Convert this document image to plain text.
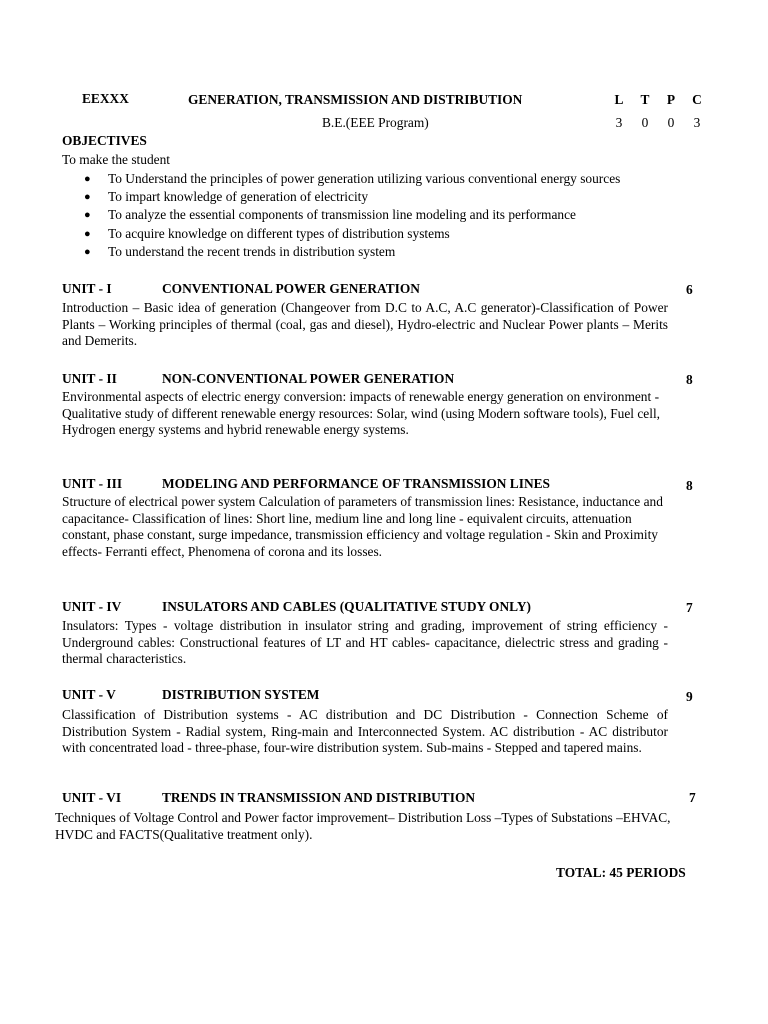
EEXXX	GENERATION, TRANSMISSION AND DISTRIBUTION	L T P C
B.E.(EEE Program)	3 0 0 3
OBJECTIVES
To make the student
● To Understand the principles of power generation utilizing various conventional energy sources
● To impart knowledge of generation of electricity
● To analyze the essential components of transmission line modeling and its performance
● To acquire knowledge on different types of distribution systems
● To understand the recent trends in distribution system
UNIT - I	CONVENTIONAL POWER GENERATION	6
Introduction – Basic idea of generation (Changeover from D.C to A.C, A.C generator)-Classification of Power Plants – Working principles of thermal (coal, gas and diesel), Hydro-electric and Nuclear Power plants – Merits and Demerits.
UNIT - II	NON-CONVENTIONAL POWER GENERATION	8
Environmental aspects of electric energy conversion: impacts of renewable energy generation on environment - Qualitative study of different renewable energy resources: Solar, wind (using Modern software tools), Fuel cell, Hydrogen energy systems and hybrid renewable energy systems.
UNIT - III	MODELING AND PERFORMANCE OF TRANSMISSION LINES	8
Structure of electrical power system Calculation of parameters of transmission lines: Resistance, inductance and capacitance- Classification of lines: Short line, medium line and long line - equivalent circuits, attenuation constant, phase constant, surge impedance, transmission efficiency and voltage regulation - Skin and Proximity effects- Ferranti effect, Phenomena of corona and its losses.
UNIT - IV	INSULATORS AND CABLES (QUALITATIVE STUDY ONLY)	7
Insulators: Types - voltage distribution in insulator string and grading, improvement of string efficiency - Underground cables: Constructional features of LT and HT cables- capacitance, dielectric stress and grading - thermal characteristics.
UNIT - V	DISTRIBUTION SYSTEM	9
Classification of Distribution systems - AC distribution and DC Distribution - Connection Scheme of Distribution System - Radial system, Ring-main and Interconnected System. AC distribution - AC distributor with concentrated load - three-phase, four-wire distribution system. Sub-mains - Stepped and tapered mains.
UNIT - VI	TRENDS IN TRANSMISSION AND DISTRIBUTION	7
Techniques of Voltage Control and Power factor improvement– Distribution Loss –Types of Substations –EHVAC, HVDC and FACTS(Qualitative treatment only).
TOTAL: 45 PERIODS
